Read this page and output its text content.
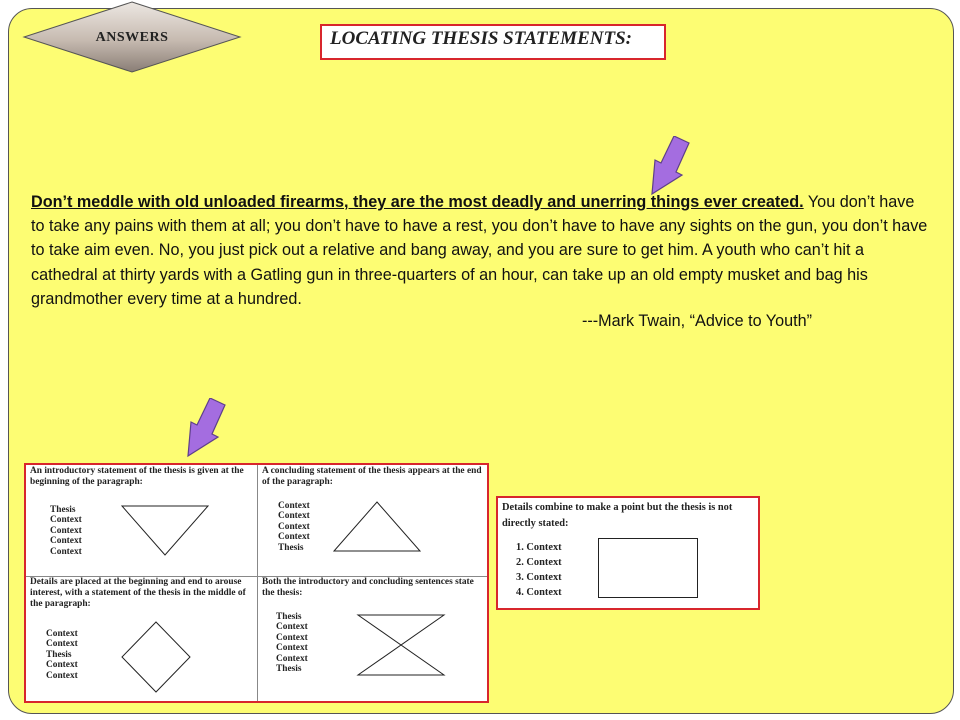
ANSWERS	LOCATING THESIS STATEMENTS:
Don’t meddle with old unloaded firearms, they are the most deadly and unerring things ever created. You don’t have to take any pains with them at all; you don’t have to have a rest, you don’t have to have any sights on the gun, you don’t have to take aim even. No, you just pick out a relative and bang away, and you are sure to get him. A youth who can’t hit a cathedral at thirty yards with a Gatling gun in three-quarters of an hour, can take up an old empty musket and bag his grandmother every time at a hundred.
---Mark Twain, “Advice to Youth”
An introductory statement of the thesis is given at the beginning of the paragraph:
Thesis
Context
Context
Context
Context
A concluding statement of the thesis appears at the end of the paragraph:
Context
Context
Context
Context
Thesis
Details are placed at the beginning and end to arouse interest, with a statement of the thesis in the middle of the paragraph:
Context
Context
Thesis
Context
Context
Both the introductory and concluding sentences state the thesis:
Thesis
Context
Context
Context
Context
Thesis
Details combine to make a point but the thesis is not directly stated:
1. Context
2. Context
3. Context
4. Context
